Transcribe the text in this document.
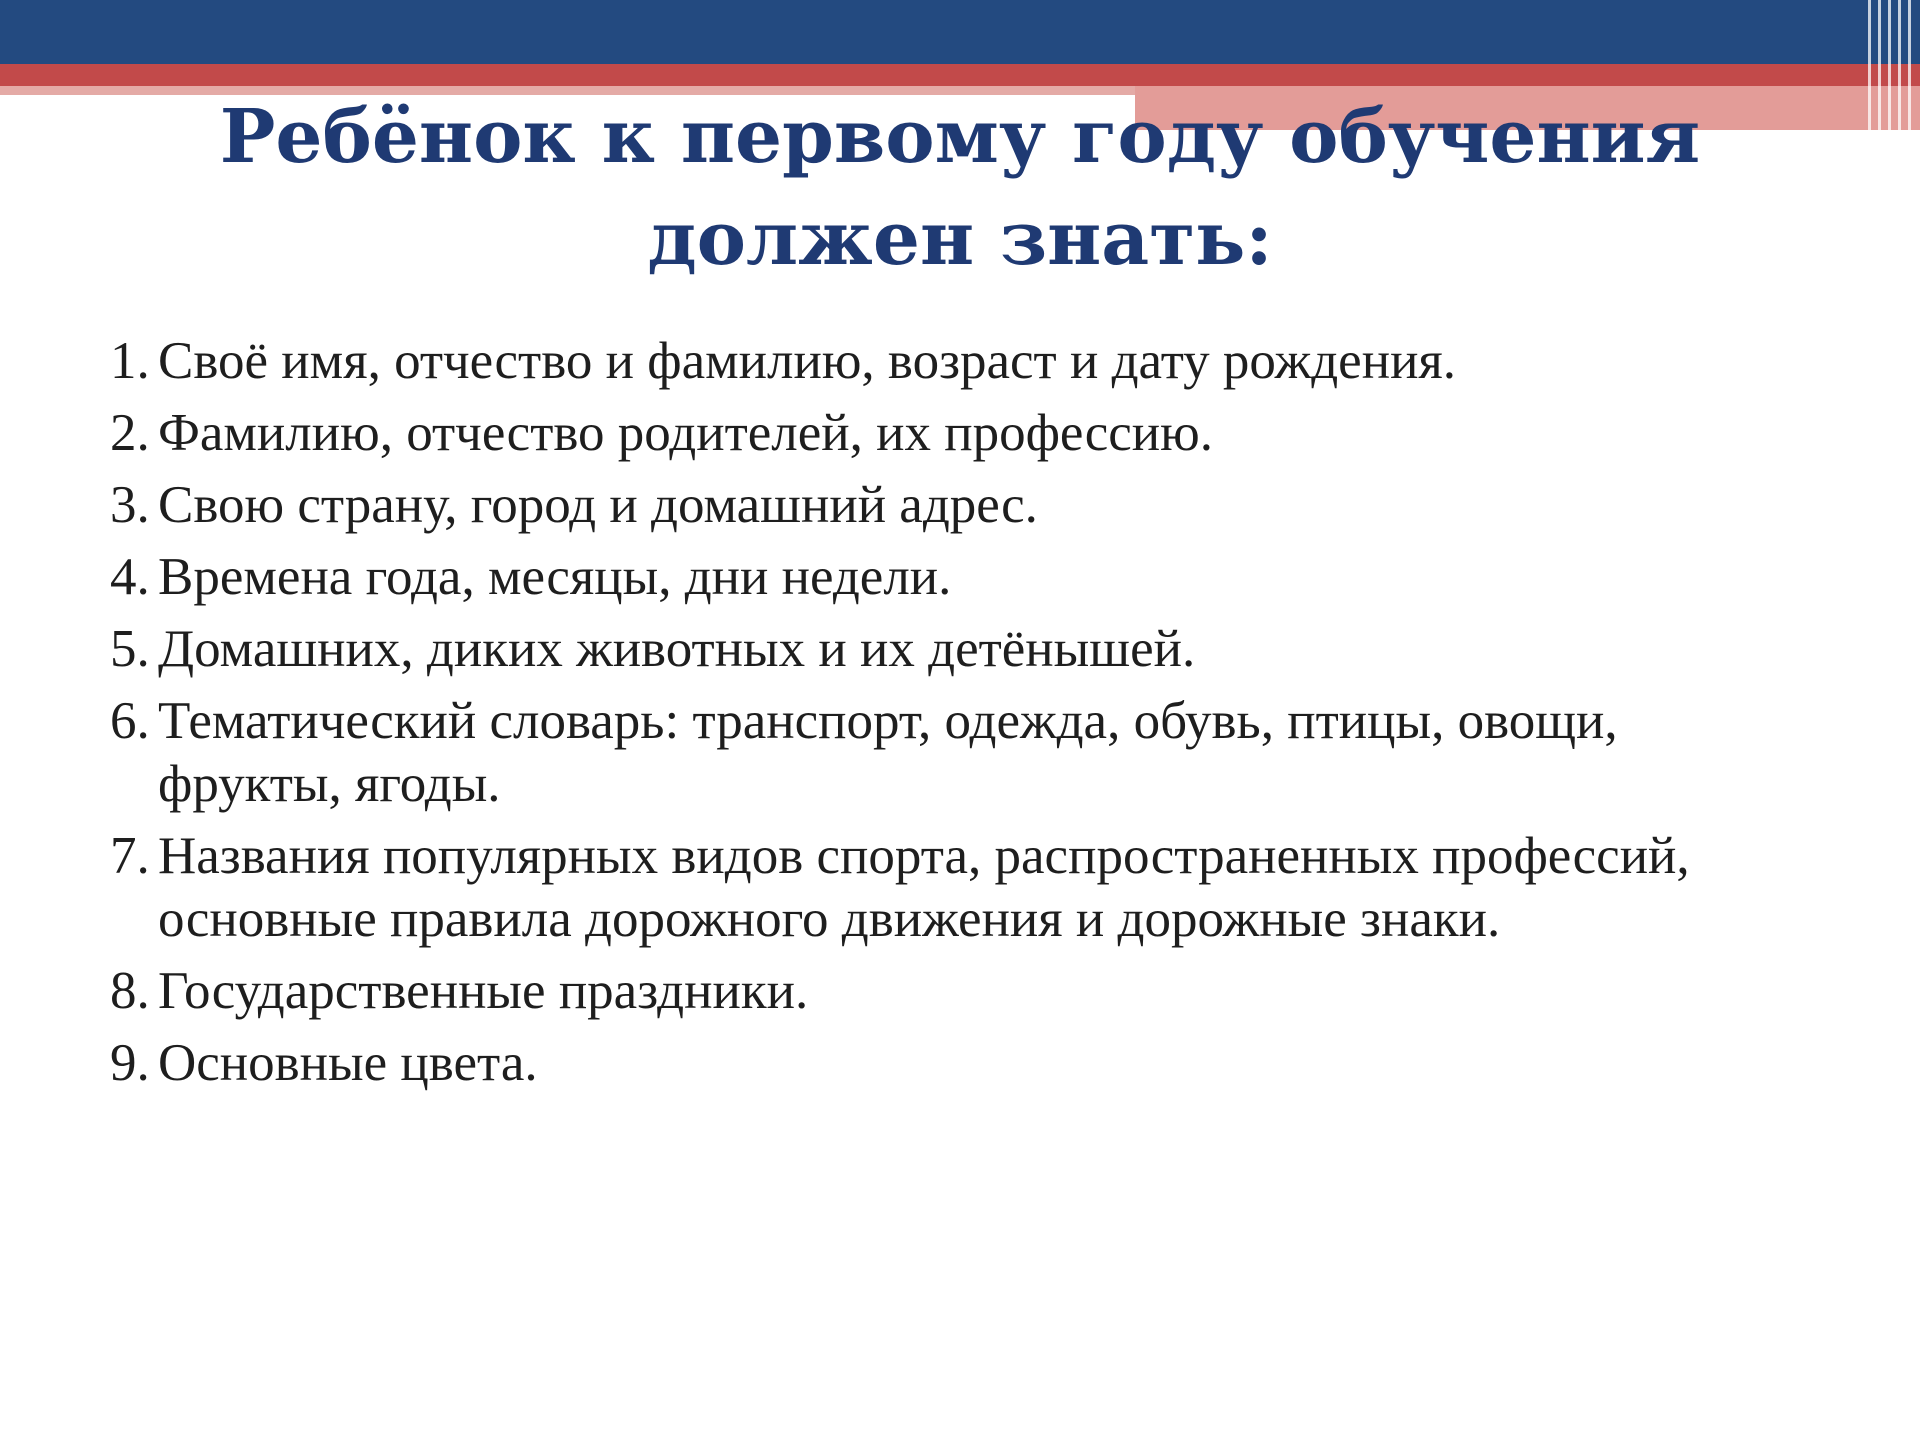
Ребёнок к первому году обучения
должен знать:
1. Своё имя, отчество и фамилию, возраст и дату рождения.
2. Фамилию, отчество родителей, их профессию.
3. Свою страну, город и домашний адрес.
4. Времена года, месяцы, дни недели.
5. Домашних, диких животных и их детёнышей.
6. Тематический словарь: транспорт, одежда, обувь, птицы, овощи, фрукты, ягоды.
7. Названия популярных видов спорта, распространенных профессий, основные правила дорожного движения и дорожные знаки.
8. Государственные праздники.
9. Основные цвета.
